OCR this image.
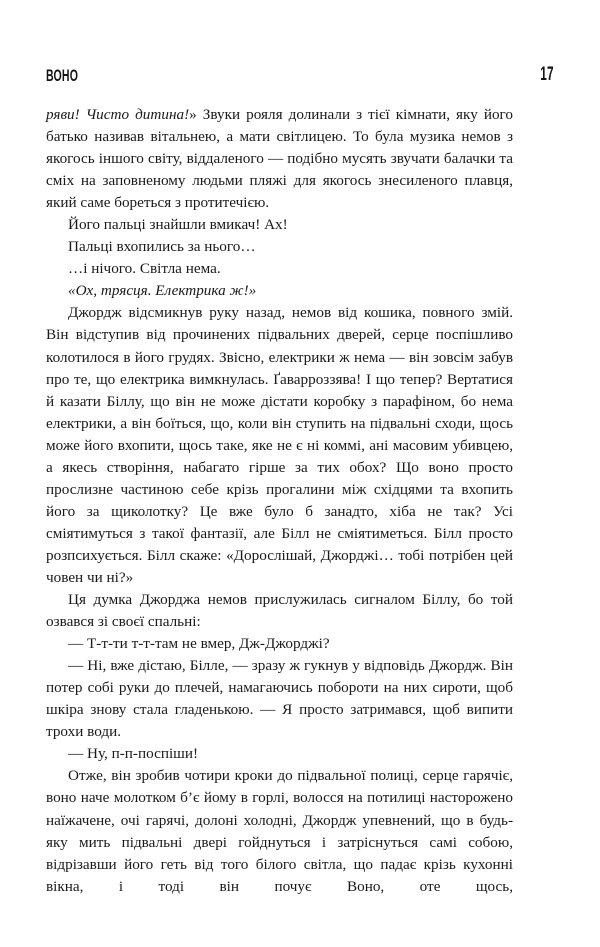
ВОНО	17

ряви! Чисто дитина!» Звуки рояля долинали з тієї кімнати, яку його батько називав вітальнею, а мати світлицею. То була музика немов з якогось іншого світу, віддаленого — подібно мусять звучати балачки та сміх на заповненому людьми пляжі для якогось знесиленого плавця, який саме бореться з протитечією.

Його пальці знайшли вмикач! Ах!

Пальці вхопились за нього…

…і нічого. Світла нема.

«Ох, трясця. Електрика ж!»

Джордж відсмикнув руку назад, немов від кошика, повного змій. Він відступив від прочинених підвальних дверей, серце поспішливо колотилося в його грудях. Звісно, електрики ж нема — він зовсім забув про те, що електрика вимкнулась. Ґаварроззява! І що тепер? Вертатися й казати Біллу, що він не може дістати коробку з парафіном, бо нема електрики, а він боїться, що, коли він ступить на підвальні сходи, щось може його вхопити, щось таке, яке не є ні коммі, ані масовим убивцею, а якесь створіння, набагато гірше за тих обох? Що воно просто прослизне частиною себе крізь прогалини між східцями та вхопить його за щиколотку? Це вже було б занадто, хіба не так? Усі сміятимуться з такої фантазії, але Білл не сміятиметься. Білл просто розпсихується. Білл скаже: «Дорослішай, Джорджі… тобі потрібен цей човен чи ні?»

Ця думка Джорджа немов прислужилась сигналом Біллу, бо той озвався зі своєї спальні:

— Т-т-ти т-т-там не вмер, Дж-Джорджі?

— Ні, вже дістаю, Білле, — зразу ж гукнув у відповідь Джордж. Він потер собі руки до плечей, намагаючись побороти на них сироти, щоб шкіра знову стала гладенькою. — Я просто затримався, щоб випити трохи води.

— Ну, п-п-поспіши!

Отже, він зробив чотири кроки до підвальної полиці, серце гарячіє, воно наче молотком б’є йому в горлі, волосся на потилиці насторожено наїжачене, очі гарячі, долоні холодні, Джордж упевнений, що в будь-яку мить підвальні двері гойднуться і затріснуться самі собою, відрізавши його геть від того білого світла, що падає крізь кухонні вікна, і тоді він почує Воно, оте щось,
